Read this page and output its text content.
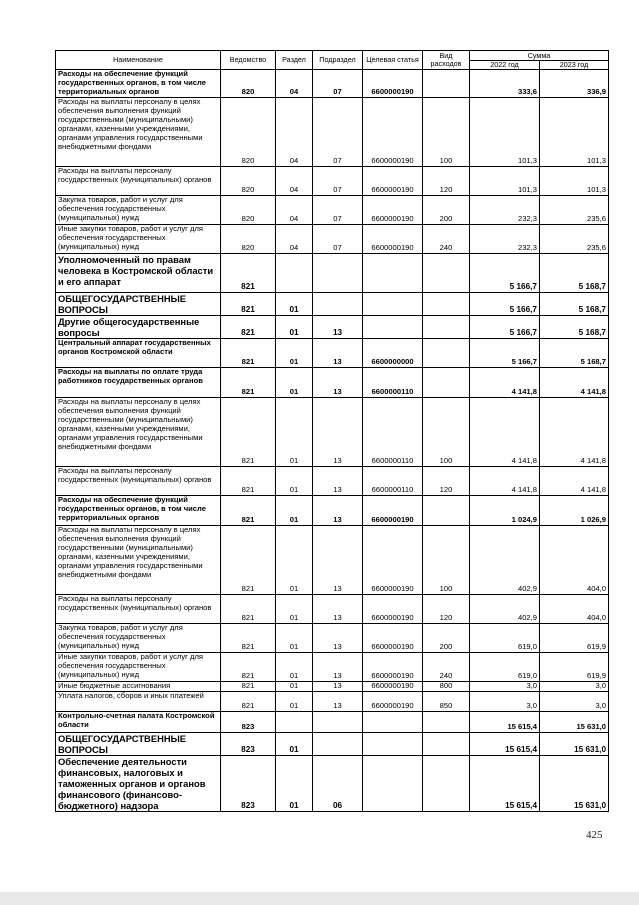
Наименование	Ведомство	Раздел	Подраздел	Целевая статья	Вид расходов	Сумма	
						2022 год	2023 год
Расходы на обеспечение функций государственных органов, в том числе территориальных органов	820	04	07	6600000190		333,6	336,9
Расходы на выплаты персоналу в целях обеспечения выполнения функций государственными (муниципальными) органами, казенными учреждениями, органами управления государственными внебюджетными фондами	820	04	07	6600000190	100	101,3	101,3
Расходы на выплаты персоналу государственных (муниципальных) органов	820	04	07	6600000190	120	101,3	101,3
Закупка товаров, работ и услуг для обеспечения государственных (муниципальных) нужд	820	04	07	6600000190	200	232,3	235,6
Иные закупки товаров, работ и услуг для обеспечения государственных (муниципальных) нужд	820	04	07	6600000190	240	232,3	235,6
Уполномоченный по правам человека в Костромской области и его аппарат	821					5 166,7	5 168,7
ОБЩЕГОСУДАРСТВЕННЫЕ ВОПРОСЫ	821	01				5 166,7	5 168,7
Другие общегосударственные вопросы	821	01	13			5 166,7	5 168,7
Центральный аппарат государственных органов Костромской области	821	01	13	6600000000		5 166,7	5 168,7
Расходы на выплаты по оплате труда работников государственных органов	821	01	13	6600000110		4 141,8	4 141,8
Расходы на выплаты персоналу в целях обеспечения выполнения функций государственными (муниципальными) органами, казенными учреждениями, органами управления государственными внебюджетными фондами	821	01	13	6600000110	100	4 141,8	4 141,8
Расходы на выплаты персоналу государственных (муниципальных) органов	821	01	13	6600000110	120	4 141,8	4 141,8
Расходы на обеспечение функций государственных органов, в том числе территориальных органов	821	01	13	6600000190		1 024,9	1 026,9
Расходы на выплаты персоналу в целях обеспечения выполнения функций государственными (муниципальными) органами, казенными учреждениями, органами управления государственными внебюджетными фондами	821	01	13	6600000190	100	402,9	404,0
Расходы на выплаты персоналу государственных (муниципальных) органов	821	01	13	6600000190	120	402,9	404,0
Закупка товаров, работ и услуг для обеспечения государственных (муниципальных) нужд	821	01	13	6600000190	200	619,0	619,9
Иные закупки товаров, работ и услуг для обеспечения государственных (муниципальных) нужд	821	01	13	6600000190	240	619,0	619,9
Иные бюджетные ассигнования	821	01	13	6600000190	800	3,0	3,0
Уплата налогов, сборов и иных платежей	821	01	13	6600000190	850	3,0	3,0
Контрольно-счетная палата Костромской области	823					15 615,4	15 631,0
ОБЩЕГОСУДАРСТВЕННЫЕ ВОПРОСЫ	823	01				15 615,4	15 631,0
Обеспечение деятельности финансовых, налоговых и таможенных органов и органов финансового (финансово-бюджетного) надзора	823	01	06			15 615,4	15 631,0
425
